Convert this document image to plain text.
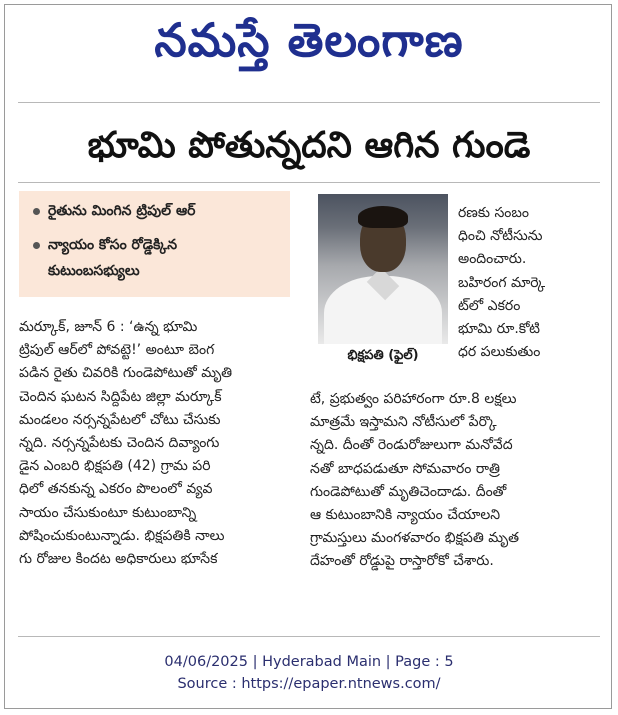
నమస్తే తెలంగాణ
భూమి పోతున్నదని ఆగిన గుండె
రైతును మింగిన ట్రిపుల్ ఆర్
న్యాయం కోసం రోడ్డెక్కిన
కుటుంబసభ్యులు
భిక్షపతి (ఫైల్)

మర్కూక్, జూన్ 6 : ‘ఉన్న భూమి

ట్రిపుల్ ఆర్‌లో పోవట్టె!’ అంటూ బెంగ

పడిన రైతు చివరికి గుండెపోటుతో మృతి

చెందిన ఘటన సిద్దిపేట జిల్లా మర్కూక్

మండలం నర్సన్నపేటలో చోటు చేసుకు

న్నది. నర్సన్నపేటకు చెందిన దివ్యాంగు

డైన ఎంబరి భిక్షపతి (42) గ్రామ పరి

ధిలో తనకున్న ఎకరం పొలంలో వ్యవ

సాయం చేసుకుంటూ కుటుంబాన్ని

పోషించుకుంటున్నాడు. భిక్షపతికి నాలు

గు రోజుల కిందట అధికారులు భూసేక

రణకు సంబం

ధించి నోటీసును

అందించారు.

బహిరంగ మార్కె

ట్‌లో ఎకరం

భూమి రూ.కోటి

ధర పలుకుతుం

టే, ప్రభుత్వం పరిహారంగా రూ.8 లక్షలు

మాత్రమే ఇస్తామని నోటీసులో పేర్కొ

న్నది. దీంతో రెండురోజులుగా మనోవేద

నతో బాధపడుతూ సోమవారం రాత్రి

గుండెపోటుతో మృతిచెందాడు. దీంతో

ఆ కుటుంబానికి న్యాయం చేయాలని

గ్రామస్తులు మంగళవారం భిక్షపతి మృత

దేహంతో రోడ్డుపై రాస్తారోకో చేశారు.

04/06/2025 | Hyderabad Main | Page : 5
Source : https://epaper.ntnews.com/
